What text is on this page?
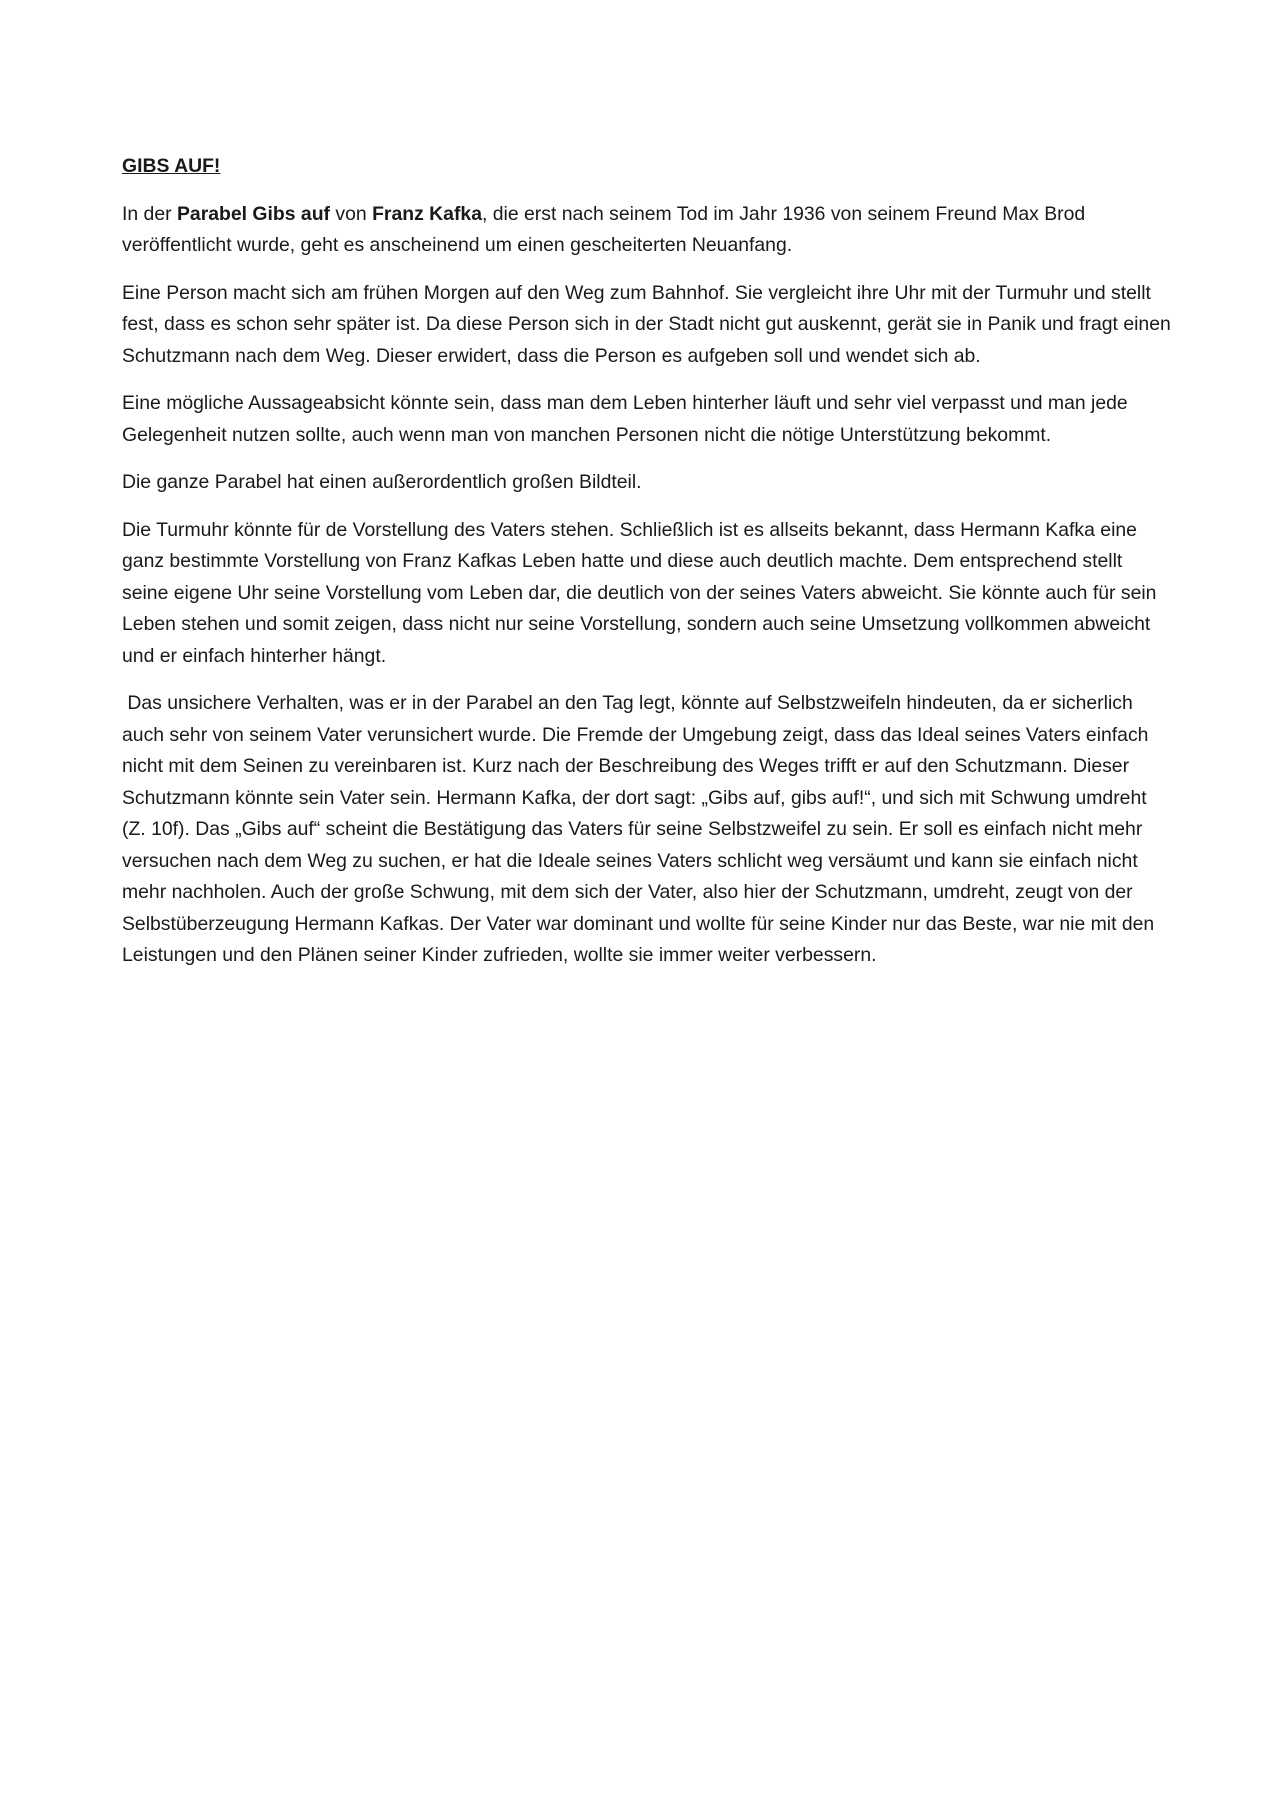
GIBS AUF!

In der Parabel Gibs auf von Franz Kafka, die erst nach seinem Tod im Jahr 1936 von seinem Freund Max Brod veröffentlicht wurde, geht es anscheinend um einen gescheiterten Neuanfang.

Eine Person macht sich am frühen Morgen auf den Weg zum Bahnhof. Sie vergleicht ihre Uhr mit der Turmuhr und stellt fest, dass es schon sehr später ist. Da diese Person sich in der Stadt nicht gut auskennt, gerät sie in Panik und fragt einen Schutzmann nach dem Weg. Dieser erwidert, dass die Person es aufgeben soll und wendet sich ab.

Eine mögliche Aussageabsicht könnte sein, dass man dem Leben hinterher läuft und sehr viel verpasst und man jede Gelegenheit nutzen sollte, auch wenn man von manchen Personen nicht die nötige Unterstützung bekommt.

Die ganze Parabel hat einen außerordentlich großen Bildteil.

Die Turmuhr könnte für de Vorstellung des Vaters stehen. Schließlich ist es allseits bekannt, dass Hermann Kafka eine ganz bestimmte Vorstellung von Franz Kafkas Leben hatte und diese auch deutlich machte. Dem entsprechend stellt seine eigene Uhr seine Vorstellung vom Leben dar, die deutlich von der seines Vaters abweicht. Sie könnte auch für sein Leben stehen und somit zeigen, dass nicht nur seine Vorstellung, sondern auch seine Umsetzung vollkommen abweicht und er einfach hinterher hängt.

Das unsichere Verhalten, was er in der Parabel an den Tag legt, könnte auf Selbstzweifeln hindeuten, da er sicherlich auch sehr von seinem Vater verunsichert wurde. Die Fremde der Umgebung zeigt, dass das Ideal seines Vaters einfach nicht mit dem Seinen zu vereinbaren ist. Kurz nach der Beschreibung des Weges trifft er auf den Schutzmann. Dieser Schutzmann könnte sein Vater sein. Hermann Kafka, der dort sagt: „Gibs auf, gibs auf!“, und sich mit Schwung umdreht (Z. 10f). Das „Gibs auf“ scheint die Bestätigung das Vaters für seine Selbstzweifel zu sein. Er soll es einfach nicht mehr versuchen nach dem Weg zu suchen, er hat die Ideale seines Vaters schlicht weg versäumt und kann sie einfach nicht mehr nachholen. Auch der große Schwung, mit dem sich der Vater, also hier der Schutzmann, umdreht, zeugt von der Selbstüberzeugung Hermann Kafkas. Der Vater war dominant und wollte für seine Kinder nur das Beste, war nie mit den Leistungen und den Plänen seiner Kinder zufrieden, wollte sie immer weiter verbessern.
